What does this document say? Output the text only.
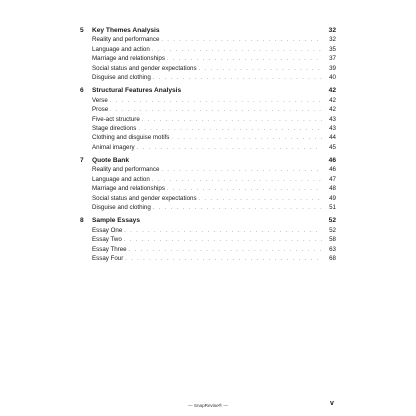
5	Key Themes Analysis	32
Reality and performance . . .	32
Language and action . . .	35
Marriage and relationships . . .	37
Social status and gender expectations . . .	39
Disguise and clothing . . .	40
6	Structural Features Analysis	42
Verse . . .	42
Prose . . .	42
Five-act structure . . .	43
Stage directions . . .	43
Clothing and disguise motifs . . .	44
Animal imagery . . .	45
7	Quote Bank	46
Reality and performance . . .	46
Language and action . . .	47
Marriage and relationships . . .	48
Social status and gender expectations . . .	49
Disguise and clothing . . .	51
8	Sample Essays	52
Essay One . . .	52
Essay Two . . .	58
Essay Three . . .	63
Essay Four . . .	68
— SnapRevise® —	v
